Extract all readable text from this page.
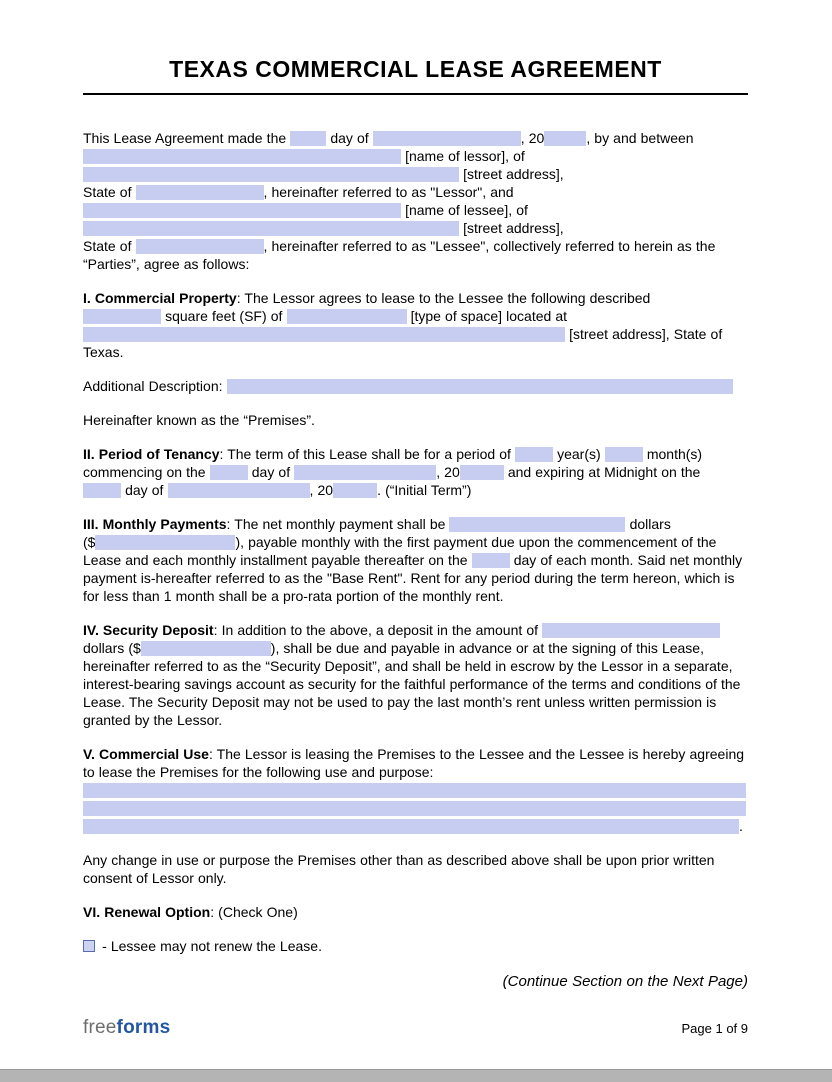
TEXAS COMMERCIAL LEASE AGREEMENT

This Lease Agreement made the	day of	, 20	, by and between
[name of lessor], of
[street address],
State of	, hereinafter referred to as "Lessor", and
[name of lessee], of
[street address],
State of	, hereinafter referred to as "Lessee", collectively referred to herein as the “Parties”, agree as follows:

I. Commercial Property: The Lessor agrees to lease to the Lessee the following described
square feet (SF) of	[type of space] located at
[street address], State of
Texas.

Additional Description:

Hereinafter known as the “Premises”.

II. Period of Tenancy: The term of this Lease shall be for a period of	year(s)	month(s) commencing on the	day of	, 20	and expiring at Midnight on the
day of	, 20	. (“Initial Term”)

III. Monthly Payments: The net monthly payment shall be	dollars
($	), payable monthly with the first payment due upon the commencement of the Lease and each monthly installment payable thereafter on the	day of each month. Said net monthly payment is-hereafter referred to as the "Base Rent". Rent for any period during the term hereon, which is for less than 1 month shall be a pro-rata portion of the monthly rent.

IV. Security Deposit: In addition to the above, a deposit in the amount of
dollars ($	), shall be due and payable in advance or at the signing of this Lease, hereinafter referred to as the “Security Deposit”, and shall be held in escrow by the Lessor in a separate, interest-bearing savings account as security for the faithful performance of the terms and conditions of the Lease. The Security Deposit may not be used to pay the last month’s rent unless written permission is granted by the Lessor.

V. Commercial Use: The Lessor is leasing the Premises to the Lessee and the Lessee is hereby agreeing to lease the Premises for the following use and purpose:

.

Any change in use or purpose the Premises other than as described above shall be upon prior written consent of Lessor only.

VI. Renewal Option: (Check One)

- Lessee may not renew the Lease.

(Continue Section on the Next Page)

freeforms	Page 1 of 9
